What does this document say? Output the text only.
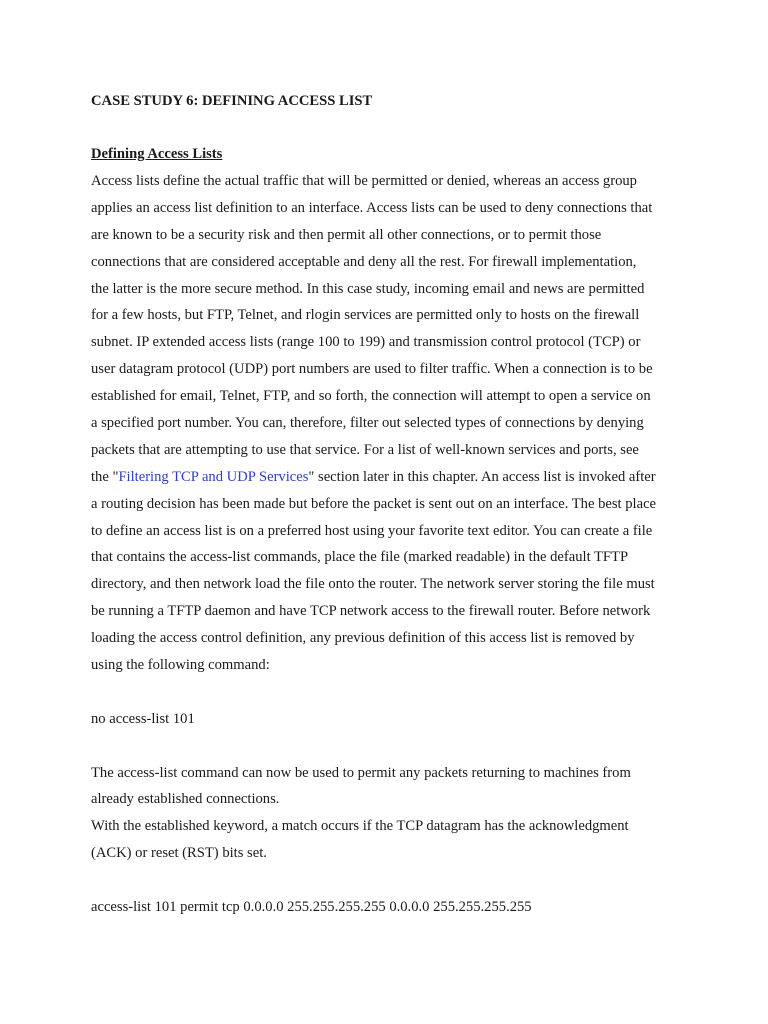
CASE STUDY 6: DEFINING ACCESS LIST
Defining Access Lists
Access lists define the actual traffic that will be permitted or denied, whereas an access group
applies an access list definition to an interface. Access lists can be used to deny connections that
are known to be a security risk and then permit all other connections, or to permit those
connections that are considered acceptable and deny all the rest. For firewall implementation,
the latter is the more secure method. In this case study, incoming email and news are permitted
for a few hosts, but FTP, Telnet, and rlogin services are permitted only to hosts on the firewall
subnet. IP extended access lists (range 100 to 199) and transmission control protocol (TCP) or
user datagram protocol (UDP) port numbers are used to filter traffic. When a connection is to be
established for email, Telnet, FTP, and so forth, the connection will attempt to open a service on
a specified port number. You can, therefore, filter out selected types of connections by denying
packets that are attempting to use that service. For a list of well-known services and ports, see
the "Filtering TCP and UDP Services" section later in this chapter. An access list is invoked after
a routing decision has been made but before the packet is sent out on an interface. The best place
to define an access list is on a preferred host using your favorite text editor. You can create a file
that contains the access-list commands, place the file (marked readable) in the default TFTP
directory, and then network load the file onto the router. The network server storing the file must
be running a TFTP daemon and have TCP network access to the firewall router. Before network
loading the access control definition, any previous definition of this access list is removed by
using the following command:
no access-list 101
The access-list command can now be used to permit any packets returning to machines from
already established connections.
With the established keyword, a match occurs if the TCP datagram has the acknowledgment
(ACK) or reset (RST) bits set.
access-list 101 permit tcp 0.0.0.0 255.255.255.255 0.0.0.0 255.255.255.255
